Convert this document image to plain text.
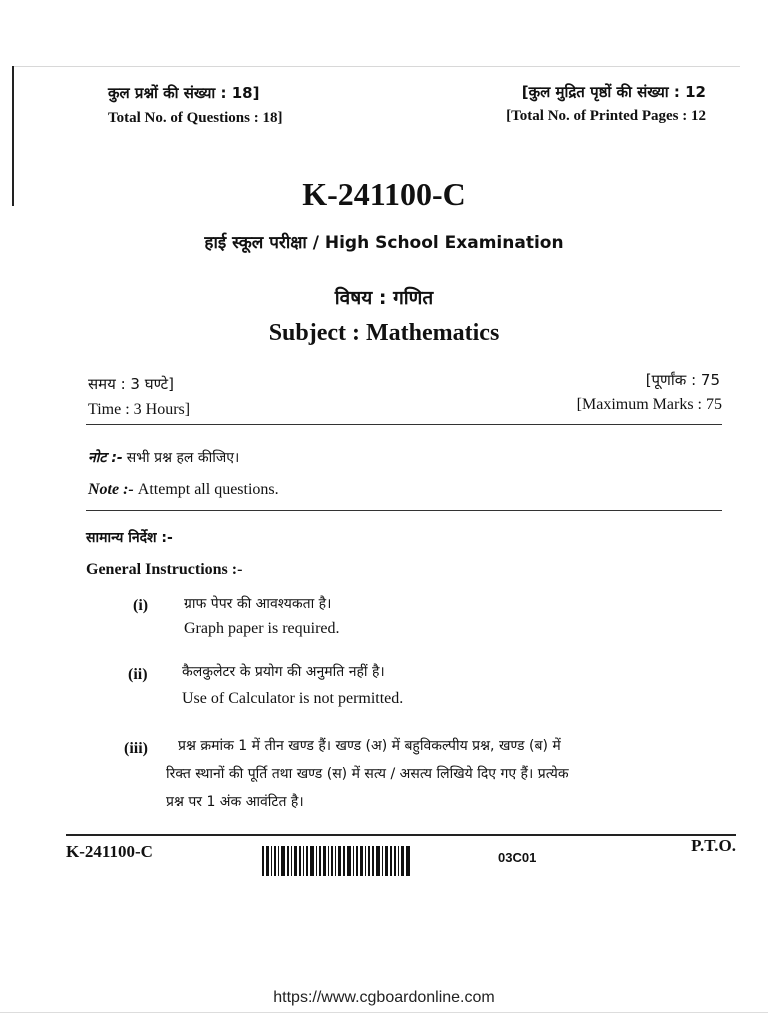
कुल प्रश्नों की संख्या : 18]
Total No. of Questions : 18]
[कुल मुद्रित पृष्ठों की संख्या : 12
[Total No. of Printed Pages : 12
K-241100-C
हाई स्कूल परीक्षा / High School Examination
विषय : गणित
Subject : Mathematics
समय : 3 घण्टे]
Time : 3 Hours]
[पूर्णांक : 75
[Maximum Marks : 75
नोट :- सभी प्रश्न हल कीजिए।
Note :- Attempt all questions.
सामान्य निर्देश :-
General Instructions :-
(i)	ग्राफ पेपर की आवश्यकता है।
Graph paper is required.
(ii) कैलकुलेटर के प्रयोग की अनुमति नहीं है।
Use of Calculator is not permitted.
(iii) प्रश्न क्रमांक 1 में तीन खण्ड हैं। खण्ड (अ) में बहुविकल्पीय प्रश्न, खण्ड (ब) में
रिक्त स्थानों की पूर्ति तथा खण्ड (स) में सत्य / असत्य लिखिये दिए गए हैं। प्रत्येक
प्रश्न पर 1 अंक आवंटित है।
K-241100-C	03C01
P.T.O.
https://www.cgboardonline.com
